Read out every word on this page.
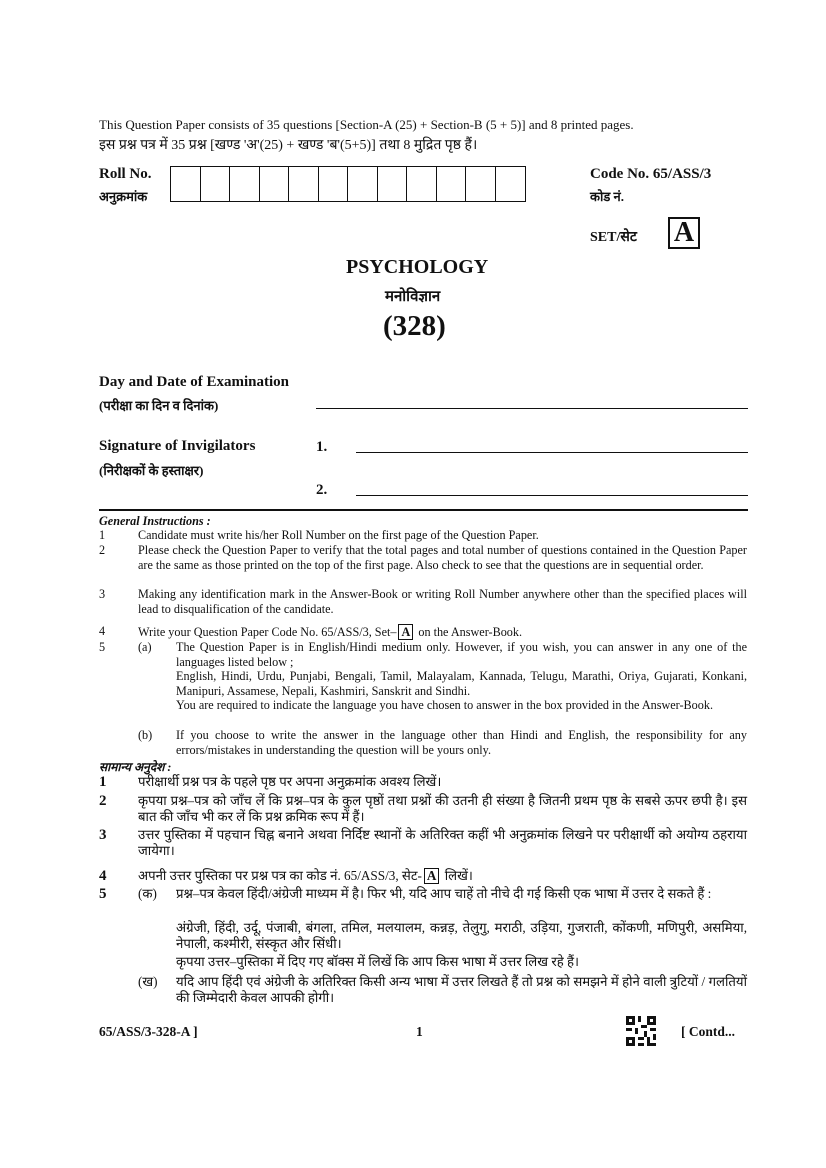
This Question Paper consists of 35 questions [Section-A (25) + Section-B (5 + 5)] and 8 printed pages.
इस प्रश्न पत्र में 35 प्रश्न [खण्ड 'अ'(25) + खण्ड 'ब'(5+5)] तथा 8 मुद्रित पृष्ठ हैं।
Roll No.
अनुक्रमांक
Code No. 65/ASS/3
कोड नं.
SET/सेट A
PSYCHOLOGY
मनोविज्ञान
(328)
Day and Date of Examination
(परीक्षा का दिन व दिनांक)
Signature of Invigilators
(निरीक्षकों के हस्ताक्षर)
1.
2.
General Instructions :
1	Candidate must write his/her Roll Number on the first page of the Question Paper.
2	Please check the Question Paper to verify that the total pages and total number of questions contained in the Question Paper are the same as those printed on the top of the first page. Also check to see that the questions are in sequential order.
3	Making any identification mark in the Answer-Book or writing Roll Number anywhere other than the specified places will lead to disqualification of the candidate.
4	Write your Question Paper Code No. 65/ASS/3, Set– A on the Answer-Book.
5	(a) The Question Paper is in English/Hindi medium only. However, if you wish, you can answer in any one of the languages listed below ;
English, Hindi, Urdu, Punjabi, Bengali, Tamil, Malayalam, Kannada, Telugu, Marathi, Oriya, Gujarati, Konkani, Manipuri, Assamese, Nepali, Kashmiri, Sanskrit and Sindhi.
You are required to indicate the language you have chosen to answer in the box provided in the Answer-Book.
(b) If you choose to write the answer in the language other than Hindi and English, the responsibility for any errors/mistakes in understanding the question will be yours only.
सामान्य अनुदेश :
1 परीक्षार्थी प्रश्न पत्र के पहले पृष्ठ पर अपना अनुक्रमांक अवश्य लिखें।
2 कृपया प्रश्न–पत्र को जाँच लें कि प्रश्न–पत्र के कुल पृष्ठों तथा प्रश्नों की उतनी ही संख्या है जितनी प्रथम पृष्ठ के सबसे ऊपर छपी है। इस बात की जाँच भी कर लें कि प्रश्न क्रमिक रूप में हैं।
3 उत्तर पुस्तिका में पहचान चिह्न बनाने अथवा निर्दिष्ट स्थानों के अतिरिक्त कहीं भी अनुक्रमांक लिखने पर परीक्षार्थी को अयोग्य ठहराया जायेगा।
4 अपनी उत्तर पुस्तिका पर प्रश्न पत्र का कोड नं. 65/ASS/3, सेट- A लिखें।
5 (क) प्रश्न–पत्र केवल हिंदी/अंग्रेजी माध्यम में है। फिर भी, यदि आप चाहें तो नीचे दी गई किसी एक भाषा में उत्तर दे सकते हैं :
अंग्रेजी, हिंदी, उर्दू, पंजाबी, बंगला, तमिल, मलयालम, कन्नड़, तेलुगु, मराठी, उड़िया, गुजराती, कोंकणी, मणिपुरी, असमिया, नेपाली, कश्मीरी, संस्कृत और सिंधी।
कृपया उत्तर–पुस्तिका में दिए गए बॉक्स में लिखें कि आप किस भाषा में उत्तर लिख रहे हैं।
(ख) यदि आप हिंदी एवं अंग्रेजी के अतिरिक्त किसी अन्य भाषा में उत्तर लिखते हैं तो प्रश्न को समझने में होने वाली त्रुटियों / गलतियों की जिम्मेदारी केवल आपकी होगी।
65/ASS/3-328-A ]	1	[ Contd...
